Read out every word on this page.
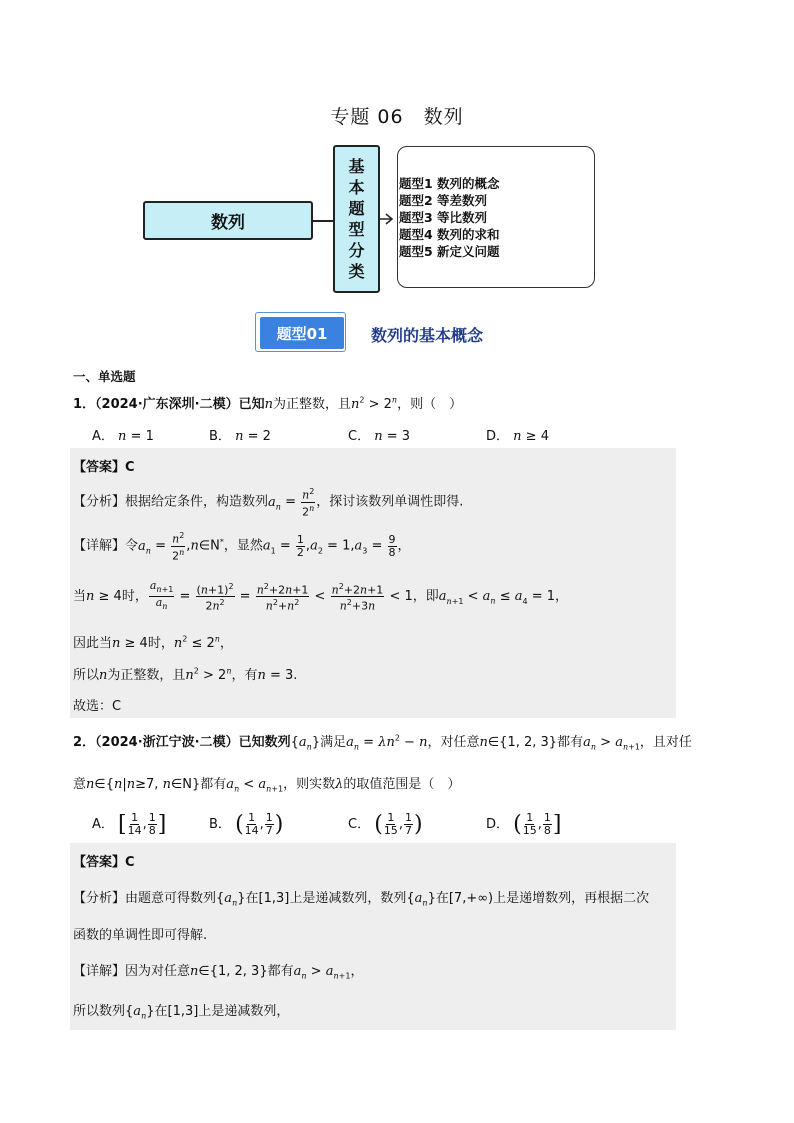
专题 06　数列
数列
基
本
题
型
分
类
题型1 数列的概念
题型2 等差数列
题型3 等比数列
题型4 数列的求和
题型5 新定义问题
题型01	数列的基本概念
一、单选题
1．（2024·广东深圳·二模）已知n为正整数，且$n^2 > 2^n$，则（　）
A． n = 1	B． n = 2	C． n = 3	D． n ≥ 4
【答案】C
【分析】根据给定条件，构造数列$a_n = \frac{n^2}{2^n}$ ，探讨该数列单调性即得.
【详解】令$a_n = \frac{n^2}{2^n}$ ,n∈N*，显然$a_1 = \frac{1}{2} ,a_2 = 1,a_3 = \frac{9}{8}$ ，
当n ≥ 4时， $\frac{a_{n+1}}{a_n} = \frac{(n+1)^2}{2n^2} = \frac{n^2+2n+1}{n^2+n^2} < \frac{n^2+2n+1}{n^2+3n} < 1$，即$a_{n+1} < a_n \le a_4 = 1$，
因此当n ≥ 4时，$n^2 \le 2^n$，
所以n为正整数，且$n^2 > 2^n$，有n = 3.
故选：C
2．（2024·浙江宁波·二模）已知数列$\{a_n\}$满足$a_n = \lambda n^2 - n$，对任意n∈{1, 2, 3}都有$a_n > a_{n+1}$，且对任
意n∈{n|n≥7, n∈N}都有$a_n < a_{n+1}$，则实数λ的取值范围是（　）
A． [ $\frac{1}{14}$ , $\frac{1}{8}$ ]	B． ( $\frac{1}{14}$ , $\frac{1}{7}$ )	C． ( $\frac{1}{15}$ , $\frac{1}{7}$ )	D． ( $\frac{1}{15}$ , $\frac{1}{8}$ ]
【答案】C
【分析】由题意可得数列$\{a_n\}$在[1,3]上是递减数列，数列$\{a_n\}$在[7,+∞)上是递增数列，再根据二次
函数的单调性即可得解.
【详解】因为对任意n∈{1, 2, 3}都有$a_n > a_{n+1}$，
所以数列$\{a_n\}$在[1,3]上是递减数列，
